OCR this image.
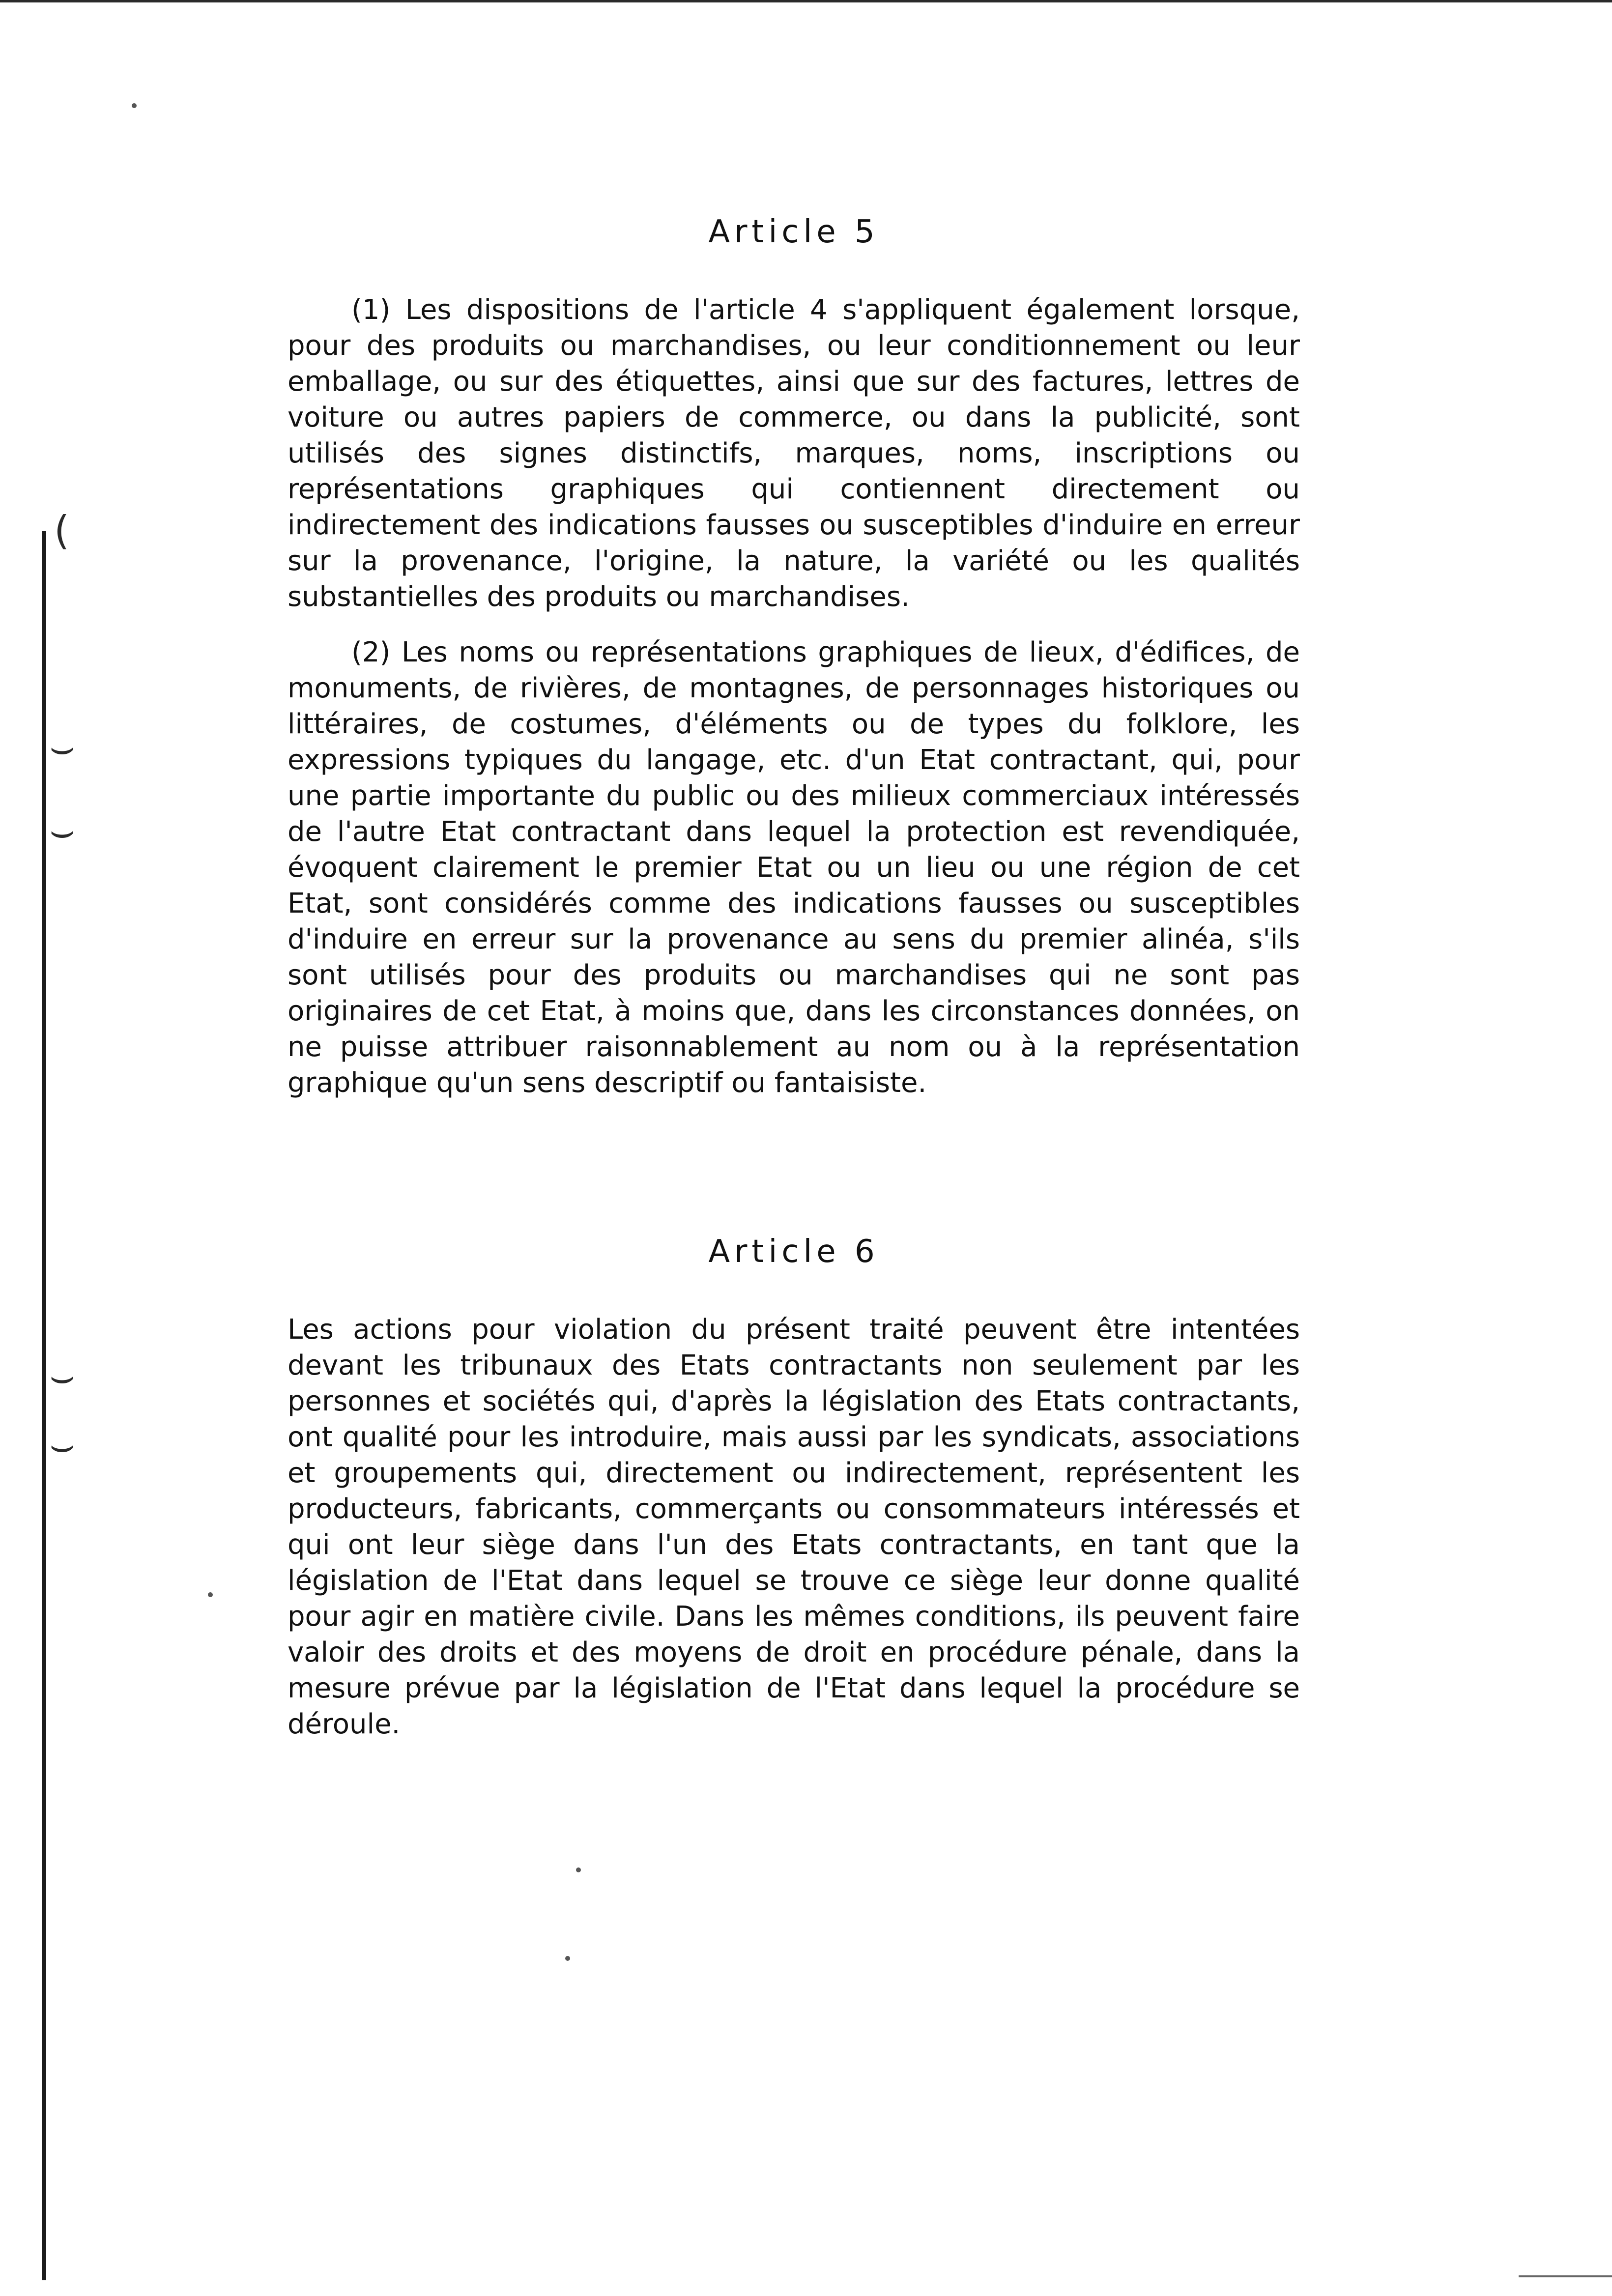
(
⌣
⌣
⌣
⌣
Article 5

(1) Les dispositions de l'article 4 s'appliquent également lorsque, pour des produits ou marchandises, ou leur conditionnement ou leur emballage, ou sur des étiquettes, ainsi que sur des factures, lettres de voiture ou autres papiers de commerce, ou dans la publicité, sont utilisés des signes distinctifs, marques, noms, inscriptions ou représentations graphiques qui contiennent directement ou indirectement des indications fausses ou susceptibles d'induire en erreur sur la provenance, l'origine, la nature, la variété ou les qualités substantielles des produits ou marchandises.

(2) Les noms ou représentations graphiques de lieux, d'édifices, de monuments, de rivières, de montagnes, de personnages historiques ou littéraires, de costumes, d'éléments ou de types du folklore, les expressions typiques du langage, etc. d'un Etat contractant, qui, pour une partie importante du public ou des milieux commerciaux intéressés de l'autre Etat contractant dans lequel la protection est revendiquée, évoquent clairement le premier Etat ou un lieu ou une région de cet Etat, sont considérés comme des indications fausses ou susceptibles d'induire en erreur sur la provenance au sens du premier alinéa, s'ils sont utilisés pour des produits ou marchandises qui ne sont pas originaires de cet Etat, à moins que, dans les circonstances données, on ne puisse attribuer raisonnablement au nom ou à la représentation graphique qu'un sens descriptif ou fantaisiste.

Article 6

Les actions pour violation du présent traité peuvent être intentées devant les tribunaux des Etats contractants non seulement par les personnes et sociétés qui, d'après la législation des Etats contractants, ont qualité pour les introduire, mais aussi par les syndicats, associations et groupements qui, directement ou indirectement, représentent les producteurs, fabricants, commerçants ou consommateurs intéressés et qui ont leur siège dans l'un des Etats contractants, en tant que la législation de l'Etat dans lequel se trouve ce siège leur donne qualité pour agir en matière civile. Dans les mêmes conditions, ils peuvent faire valoir des droits et des moyens de droit en procédure pénale, dans la mesure prévue par la législation de l'Etat dans lequel la procédure se déroule.
